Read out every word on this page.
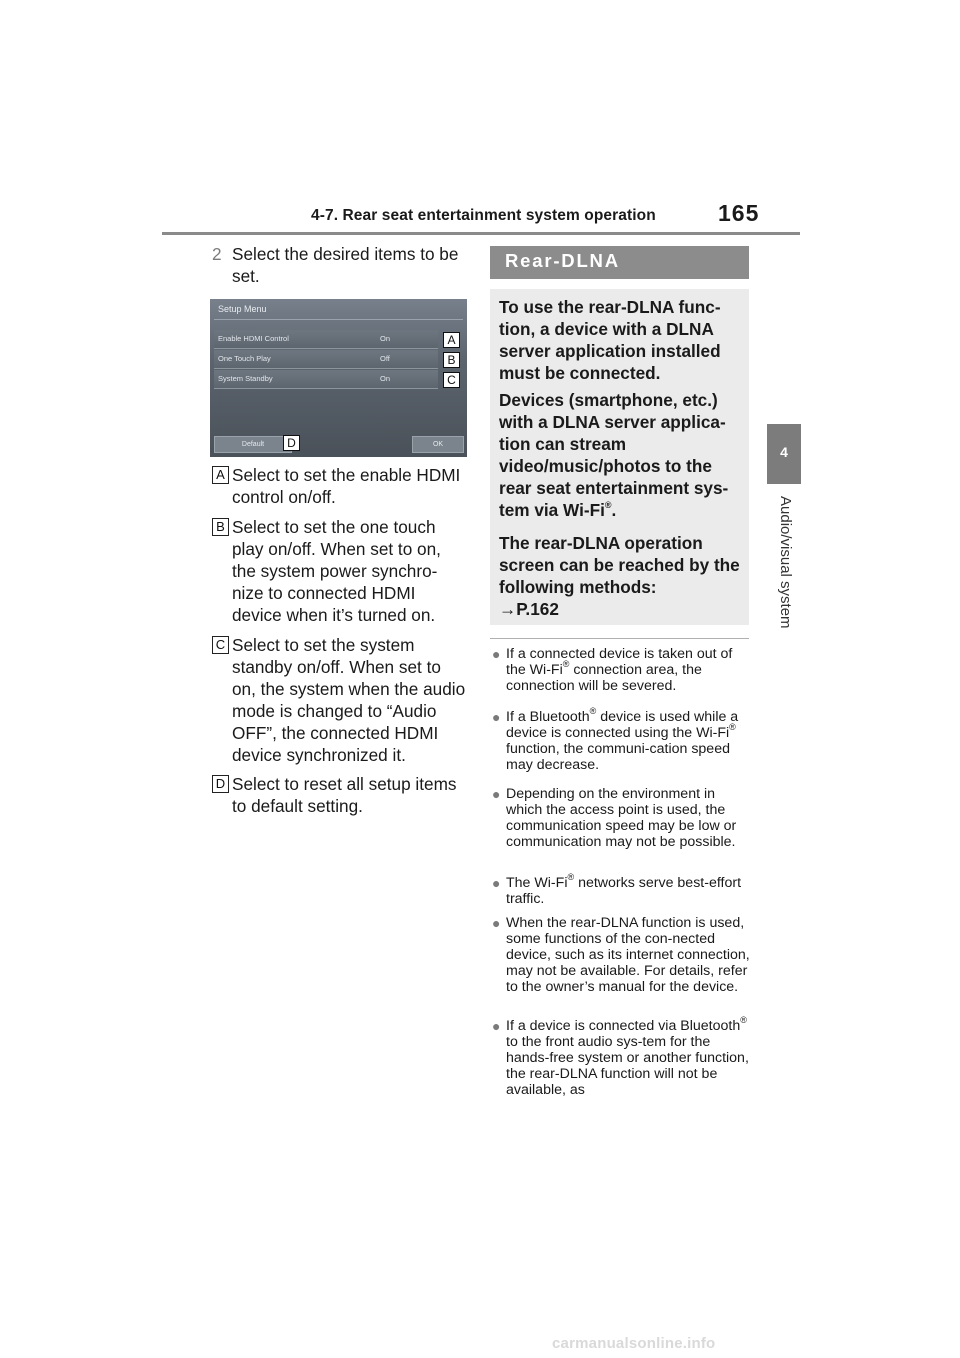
4-7. Rear seat entertainment system operation	165
4
Audio/visual system
2 Select the desired items to be set.
Setup Menu
Enable HDMI Control	On	A
One Touch Play	Off	B
System Standby	On	C
Default	D	OK
A Select to set the enable HDMI control on/off.
B Select to set the one touch play on/off. When set to on, the system power synchro-nize to connected HDMI device when it’s turned on.
C Select to set the system standby on/off. When set to on, the system when the audio mode is changed to “Audio OFF”, the connected HDMI device synchronized it.
D Select to reset all setup items to default setting.
Rear-DLNA
To use the rear-DLNA func-tion, a device with a DLNA server application installed must be connected.
Devices (smartphone, etc.) with a DLNA server applica-tion can stream video/music/photos to the rear seat entertainment sys-tem via Wi-Fi®.
The rear-DLNA operation screen can be reached by the following methods:
→P.162
● If a connected device is taken out of the Wi-Fi® connection area, the connection will be severed.
● If a Bluetooth® device is used while a device is connected using the Wi-Fi® function, the communi-cation speed may decrease.
● Depending on the environment in which the access point is used, the communication speed may be low or communication may not be possible.
● The Wi-Fi® networks serve best-effort traffic.
● When the rear-DLNA function is used, some functions of the con-nected device, such as its internet connection, may not be available. For details, refer to the owner’s manual for the device.
● If a device is connected via Bluetooth® to the front audio sys-tem for the hands-free system or another function, the rear-DLNA function will not be available, as
carmanualsonline.info
